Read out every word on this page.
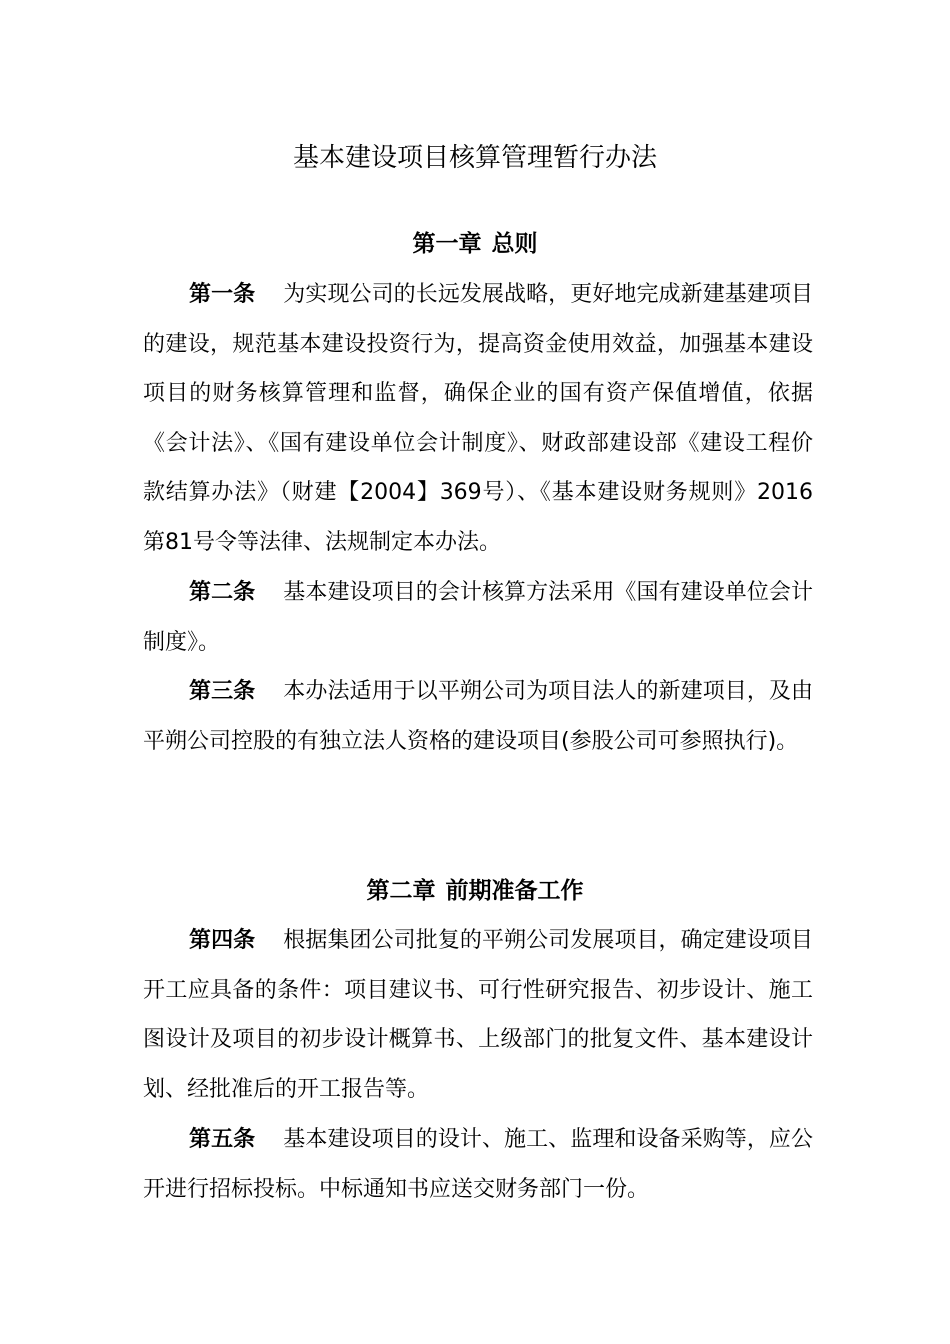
基本建设项目核算管理暂行办法
第一章 总则

第一条 为实现公司的长远发展战略，更好地完成新建基建项目的建设，规范基本建设投资行为，提高资金使用效益，加强基本建设项目的财务核算管理和监督，确保企业的国有资产保值增值，依据《会计法》、《国有建设单位会计制度》、财政部建设部《建设工程价款结算办法》（财建【2004】369号）、《基本建设财务规则》2016第81号令等法律、法规制定本办法。

第二条 基本建设项目的会计核算方法采用《国有建设单位会计制度》。

第三条 本办法适用于以平朔公司为项目法人的新建项目，及由平朔公司控股的有独立法人资格的建设项目(参股公司可参照执行)。

第二章 前期准备工作

第四条 根据集团公司批复的平朔公司发展项目，确定建设项目开工应具备的条件：项目建议书、可行性研究报告、初步设计、施工图设计及项目的初步设计概算书、上级部门的批复文件、基本建设计划、经批准后的开工报告等。

第五条 基本建设项目的设计、施工、监理和设备采购等，应公开进行招标投标。中标通知书应送交财务部门一份。
